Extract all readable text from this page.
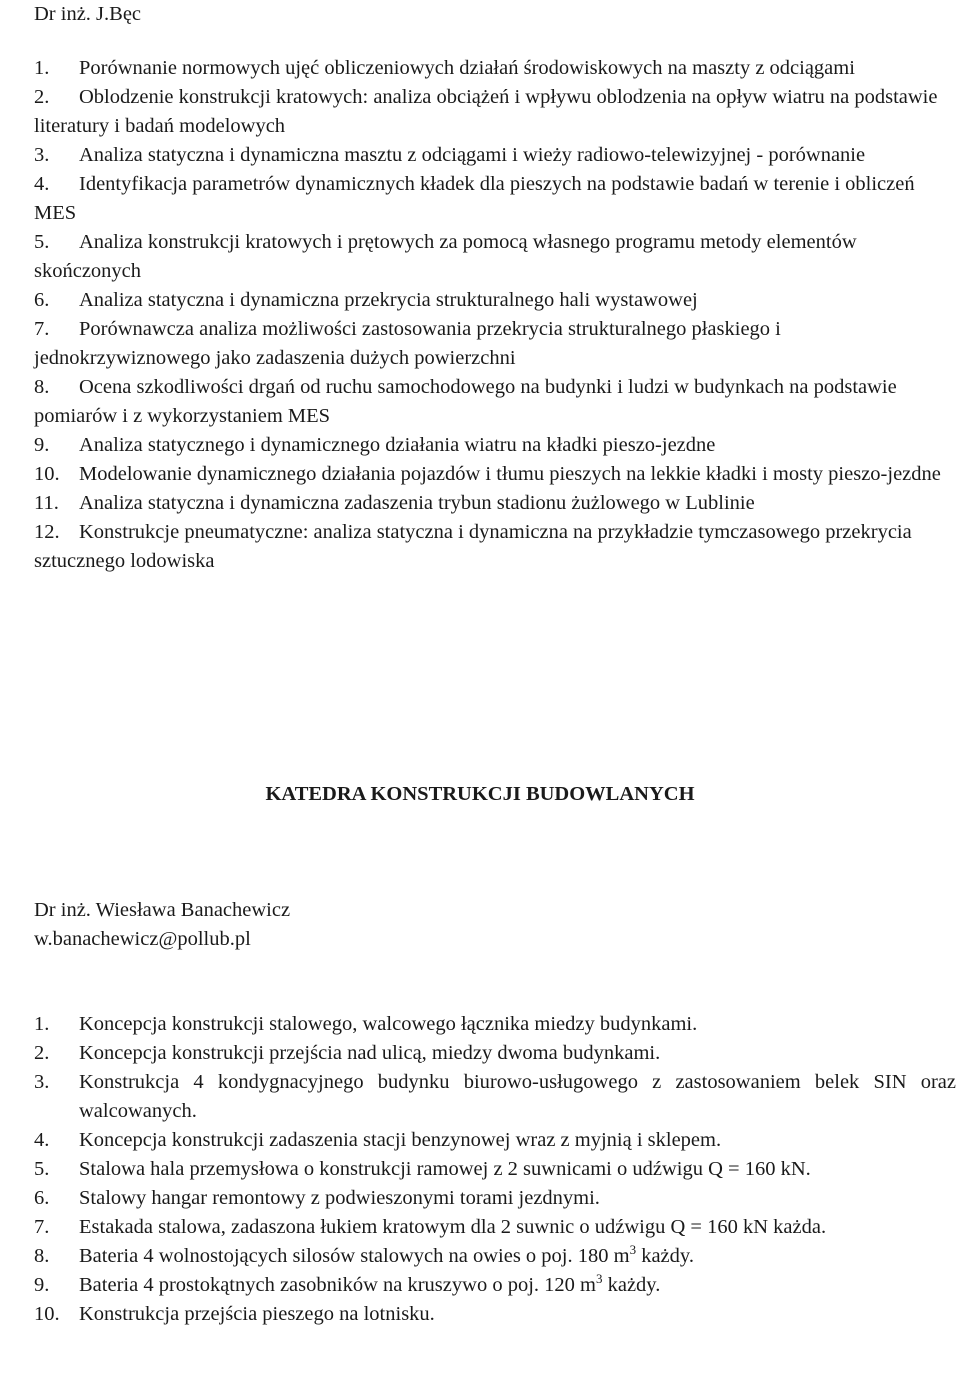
Dr inż. J.Bęc

1. Porównanie normowych ujęć obliczeniowych działań środowiskowych na maszty z odciągami
2. Oblodzenie konstrukcji kratowych: analiza obciążeń i wpływu oblodzenia na opływ wiatru na podstawie literatury i badań modelowych
3. Analiza statyczna i dynamiczna masztu z odciągami i wieży radiowo-telewizyjnej - porównanie
4. Identyfikacja parametrów dynamicznych kładek dla pieszych na podstawie badań w terenie i obliczeń MES
5. Analiza konstrukcji kratowych i prętowych za pomocą własnego programu metody elementów skończonych
6. Analiza statyczna i dynamiczna przekrycia strukturalnego hali wystawowej
7. Porównawcza analiza możliwości zastosowania przekrycia strukturalnego płaskiego i jednokrzywiznowego jako zadaszenia dużych powierzchni
8. Ocena szkodliwości drgań od ruchu samochodowego na budynki i ludzi w budynkach na podstawie pomiarów i z wykorzystaniem MES
9. Analiza statycznego i dynamicznego działania wiatru na kładki pieszo-jezdne
10. Modelowanie dynamicznego działania pojazdów i tłumu pieszych na lekkie kładki i mosty pieszo-jezdne
11. Analiza statyczna i dynamiczna zadaszenia trybun stadionu żużlowego w Lublinie
12. Konstrukcje pneumatyczne: analiza statyczna i dynamiczna na przykładzie tymczasowego przekrycia sztucznego lodowiska

KATEDRA KONSTRUKCJI BUDOWLANYCH

Dr inż. Wiesława Banachewicz
w.banachewicz@pollub.pl
1.	Koncepcja konstrukcji stalowego, walcowego łącznika miedzy budynkami.
2.	Koncepcja konstrukcji przejścia nad ulicą, miedzy dwoma budynkami.
3.	Konstrukcja 4 kondygnacyjnego budynku biurowo-usługowego z zastosowaniem belek SIN oraz walcowanych.
4.	Koncepcja konstrukcji zadaszenia stacji benzynowej wraz z myjnią i sklepem.
5.	Stalowa hala przemysłowa o konstrukcji ramowej z 2 suwnicami o udźwigu Q = 160 kN.
6.	Stalowy hangar remontowy z podwieszonymi torami jezdnymi.
7.	Estakada stalowa, zadaszona łukiem kratowym dla 2 suwnic o udźwigu Q = 160 kN każda.
8.	Bateria 4 wolnostojących silosów stalowych na owies o poj. 180 $m^3$ każdy.
9.	Bateria 4 prostokątnych zasobników na kruszywo o poj. 120 $m^3$ każdy.
10. Konstrukcja przejścia pieszego na lotnisku.
